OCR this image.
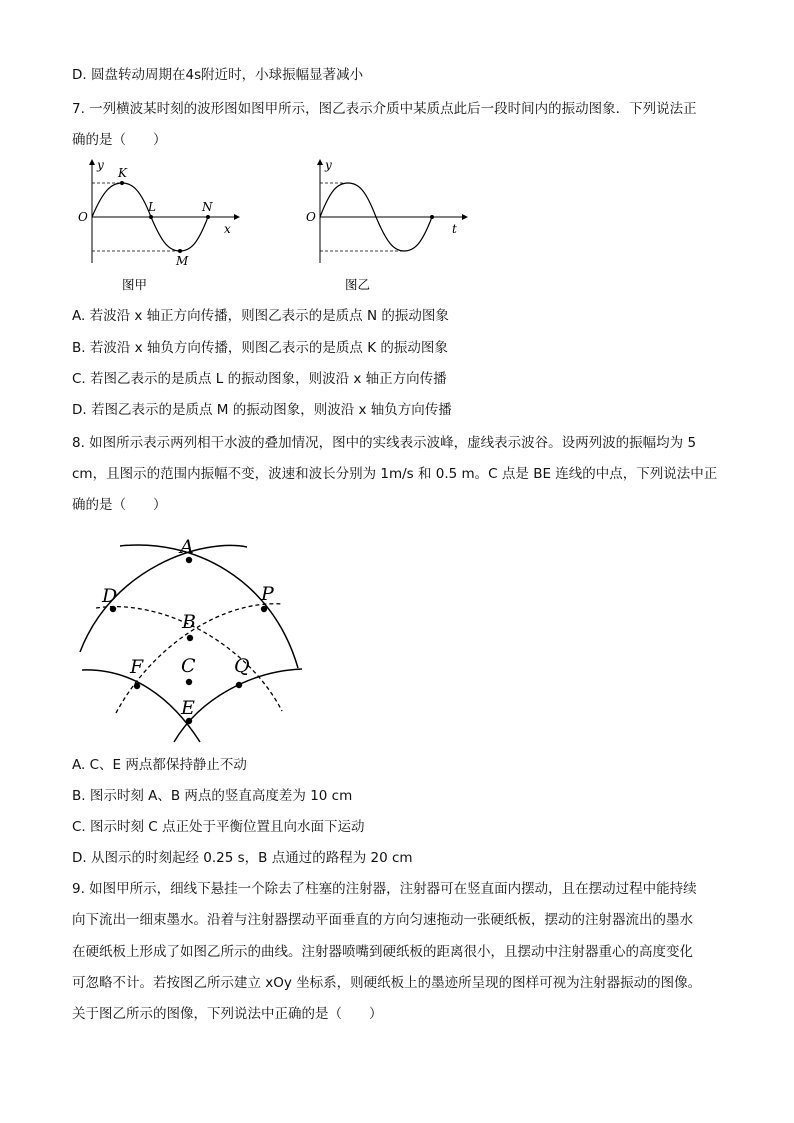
D. 圆盘转动周期在4s附近时，小球振幅显著减小
7. 一列横波某时刻的波形图如图甲所示，图乙表示介质中某质点此后一段时间内的振动图象．下列说法正
确的是（　　）
y
O
x
K
L
M
N
图甲
y
O
t
图乙
A. 若波沿 x 轴正方向传播，则图乙表示的是质点 N 的振动图象
B. 若波沿 x 轴负方向传播，则图乙表示的是质点 K 的振动图象
C. 若图乙表示的是质点 L 的振动图象，则波沿 x 轴正方向传播
D. 若图乙表示的是质点 M 的振动图象，则波沿 x 轴负方向传播
8. 如图所示表示两列相干水波的叠加情况，图中的实线表示波峰，虚线表示波谷。设两列波的振幅均为 5
cm，且图示的范围内振幅不变，波速和波长分别为 1m/s 和 0.5 m。C 点是 BE 连线的中点，下列说法中正
确的是（　　）
A
D	P
B
C
F	Q
E
A. C、E 两点都保持静止不动
B. 图示时刻 A、B 两点的竖直高度差为 10 cm
C. 图示时刻 C 点正处于平衡位置且向水面下运动
D. 从图示的时刻起经 0.25 s，B 点通过的路程为 20 cm
9. 如图甲所示，细线下悬挂一个除去了柱塞的注射器，注射器可在竖直面内摆动，且在摆动过程中能持续
向下流出一细束墨水。沿着与注射器摆动平面垂直的方向匀速拖动一张硬纸板，摆动的注射器流出的墨水
在硬纸板上形成了如图乙所示的曲线。注射器喷嘴到硬纸板的距离很小，且摆动中注射器重心的高度变化
可忽略不计。若按图乙所示建立 xOy 坐标系，则硬纸板上的墨迹所呈现的图样可视为注射器振动的图像。
关于图乙所示的图像，下列说法中正确的是（　　）
